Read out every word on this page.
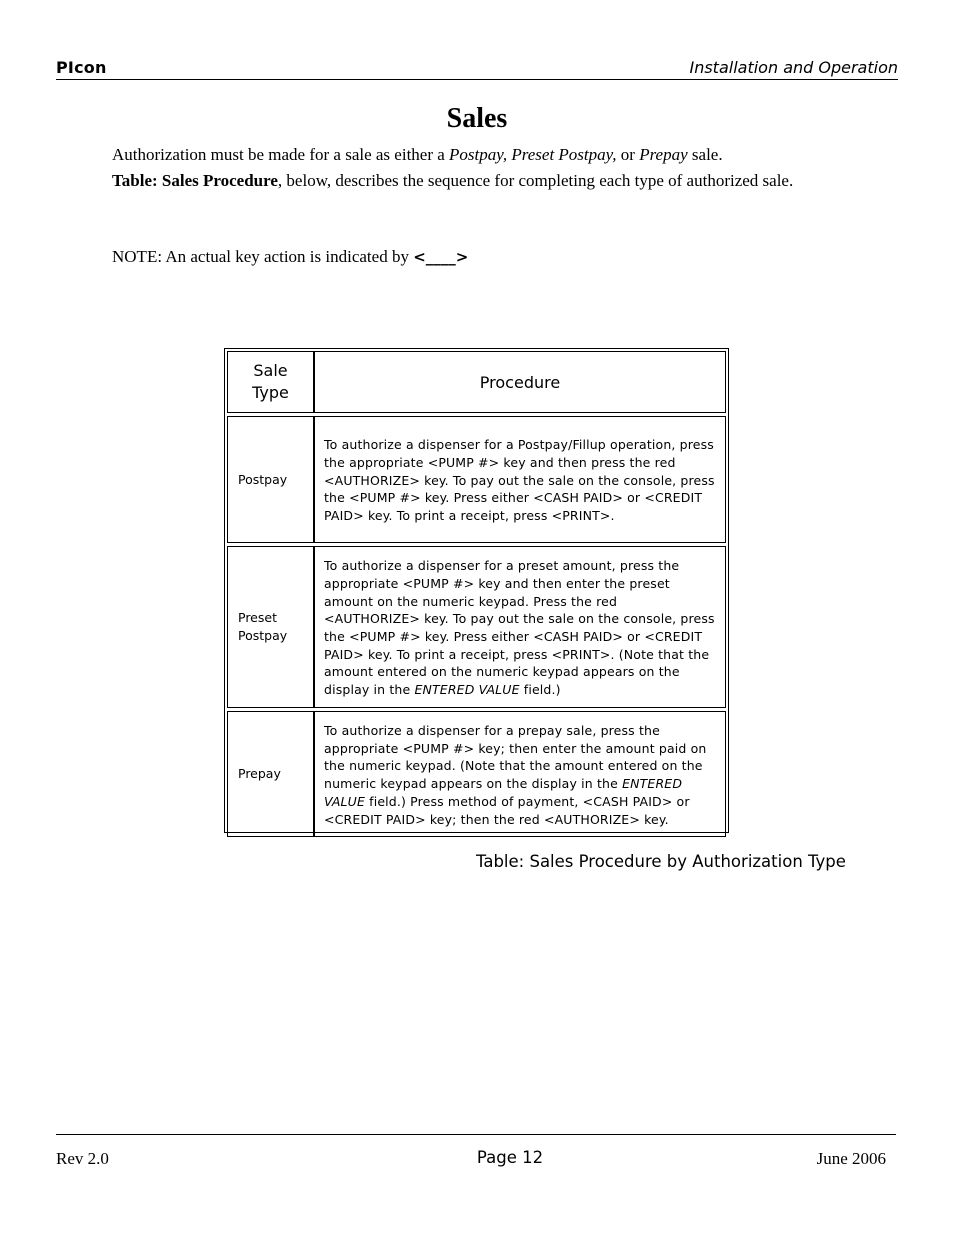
PIcon	Installation and Operation
Sales
Authorization must be made for a sale as either a Postpay, Preset Postpay, or Prepay sale.
Table: Sales Procedure, below, describes the sequence for completing each type of authorized sale.
NOTE: An actual key action is indicated by <____>
Sale
Type	Procedure

Postpay	To authorize a dispenser for a Postpay/Fillup operation, press the appropriate <PUMP #> key and then press the red <AUTHORIZE> key. To pay out the sale on the console, press the <PUMP #> key. Press either <CASH PAID> or <CREDIT PAID> key. To print a receipt, press <PRINT>.

Preset
Postpay	To authorize a dispenser for a preset amount, press the appropriate <PUMP #> key and then enter the preset amount on the numeric keypad. Press the red <AUTHORIZE> key. To pay out the sale on the console, press the <PUMP #> key. Press either <CASH PAID> or <CREDIT PAID> key. To print a receipt, press <PRINT>. (Note that the amount entered on the numeric keypad appears on the display in the ENTERED VALUE field.)

Prepay	To authorize a dispenser for a prepay sale, press the appropriate <PUMP #> key; then enter the amount paid on the numeric keypad. (Note that the amount entered on the numeric keypad appears on the display in the ENTERED VALUE field.) Press method of payment, <CASH PAID> or <CREDIT PAID> key; then the red <AUTHORIZE> key.
Table: Sales Procedure by Authorization Type
Rev 2.0	Page 12	June 2006
